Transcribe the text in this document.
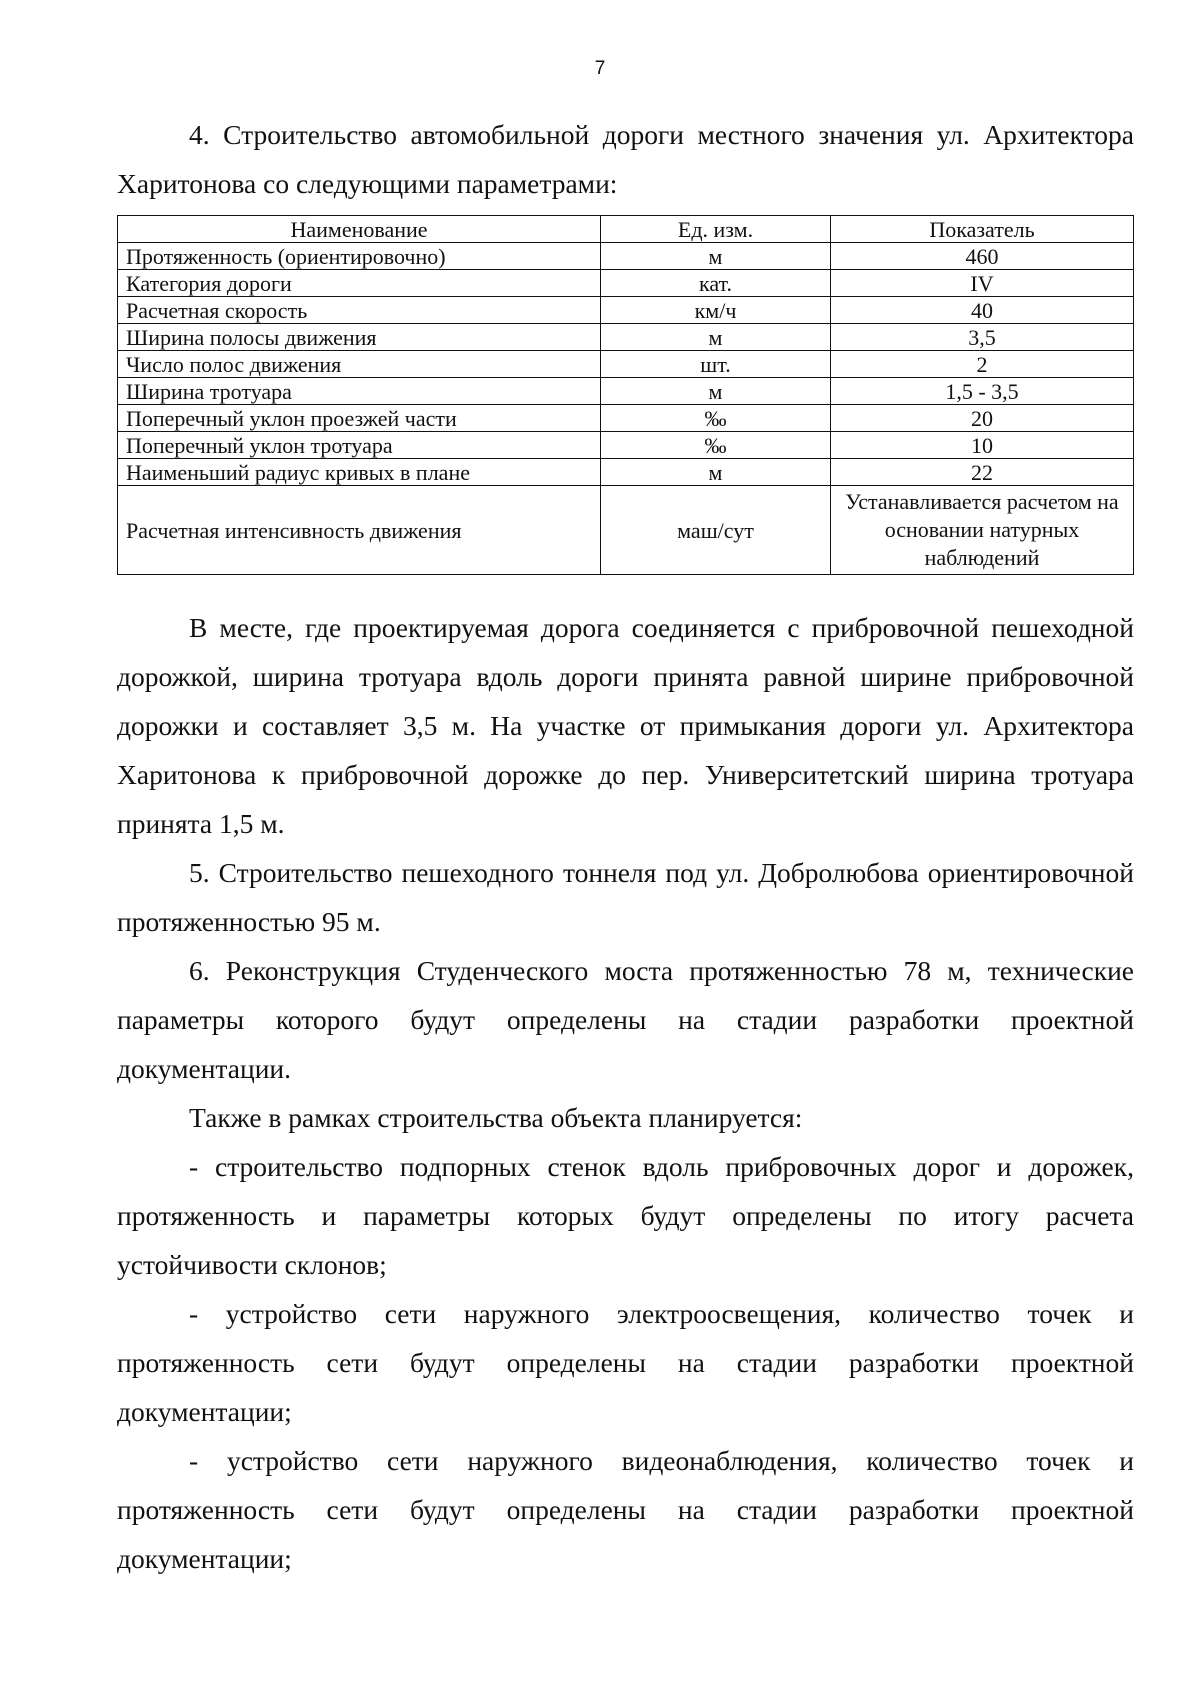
7

4. Строительство автомобильной дороги местного значения ул. Архитектора Харитонова со следующими параметрами:

Наименование	Ед. изм.	Показатель
Протяженность (ориентировочно)	м	460
Категория дороги	кат.	IV
Расчетная скорость	км/ч	40
Ширина полосы движения	м	3,5
Число полос движения	шт.	2
Ширина тротуара	м	1,5 - 3,5
Поперечный уклон проезжей части	‰	20
Поперечный уклон тротуара	‰	10
Наименьший радиус кривых в плане	м	22
Расчетная интенсивность движения	маш/сут	Устанавливается расчетом на основании натурных наблюдений

В месте, где проектируемая дорога соединяется с прибровочной пешеходной дорожкой, ширина тротуара вдоль дороги принята равной ширине прибровочной дорожки и составляет 3,5 м. На участке от примыкания дороги ул. Архитектора Харитонова к прибровочной дорожке до пер. Университетский ширина тротуара принята 1,5 м.

5. Строительство пешеходного тоннеля под ул. Добролюбова ориентировочной протяженностью 95 м.

6. Реконструкция Студенческого моста протяженностью 78 м, технические параметры которого будут определены на стадии разработки проектной документации.

Также в рамках строительства объекта планируется:

- строительство подпорных стенок вдоль прибровочных дорог и дорожек, протяженность и параметры которых будут определены по итогу расчета устойчивости склонов;

- устройство сети наружного электроосвещения, количество точек и протяженность сети будут определены на стадии разработки проектной документации;

- устройство сети наружного видеонаблюдения, количество точек и протяженность сети будут определены на стадии разработки проектной документации;
